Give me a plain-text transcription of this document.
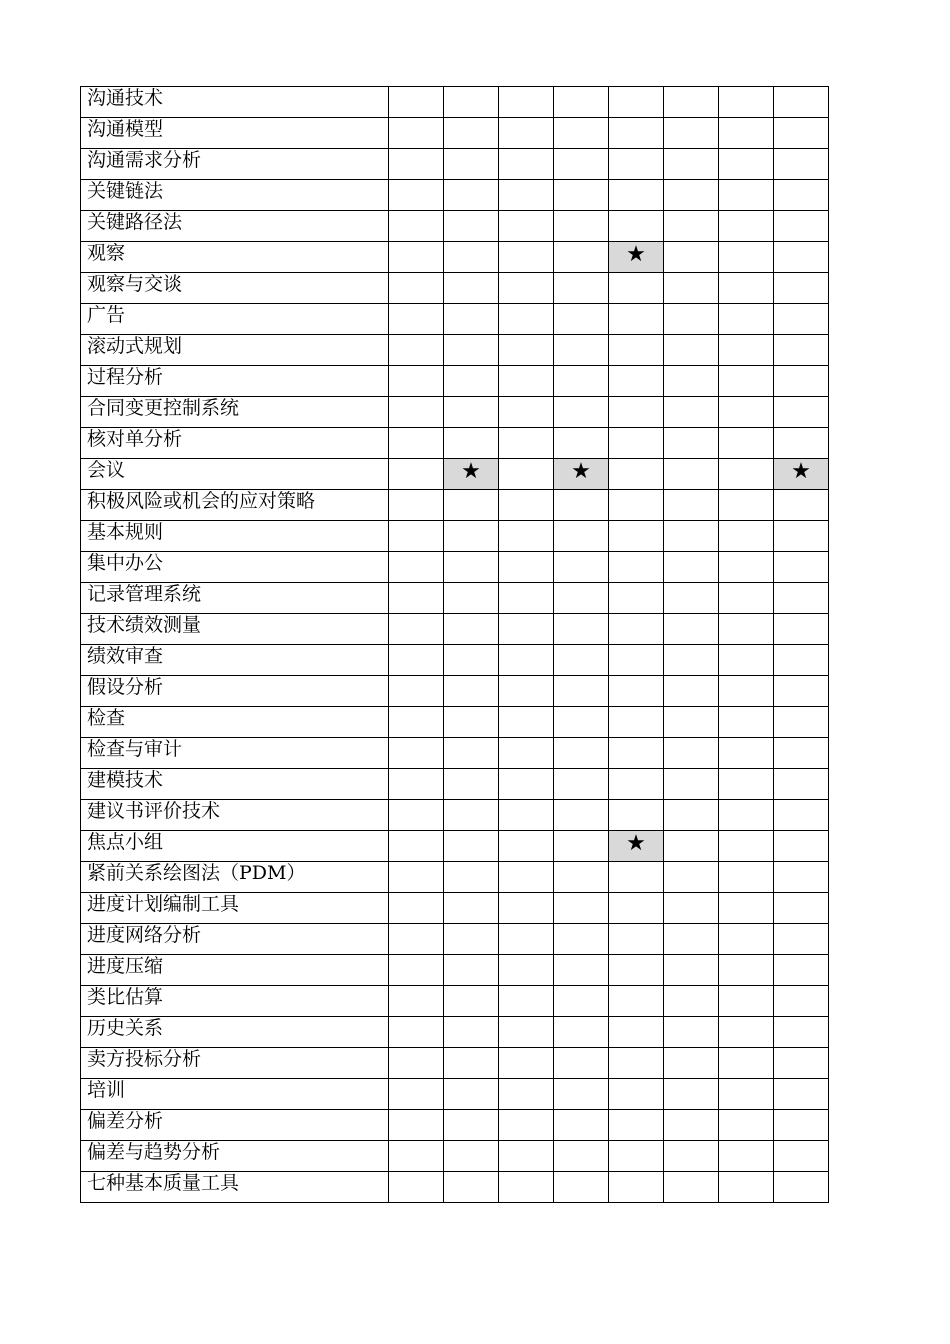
沟通技术								
沟通模型								
沟通需求分析								
关键链法								
关键路径法								
观察					★			
观察与交谈								
广告								
滚动式规划								
过程分析								
合同变更控制系统								
核对单分析								
会议		★		★				★
积极风险或机会的应对策略								
基本规则								
集中办公								
记录管理系统								
技术绩效测量								
绩效审查								
假设分析								
检查								
检查与审计								
建模技术								
建议书评价技术								
焦点小组					★			
紧前关系绘图法（PDM）								
进度计划编制工具								
进度网络分析								
进度压缩								
类比估算								
历史关系								
卖方投标分析								
培训								
偏差分析								
偏差与趋势分析								
七种基本质量工具								
